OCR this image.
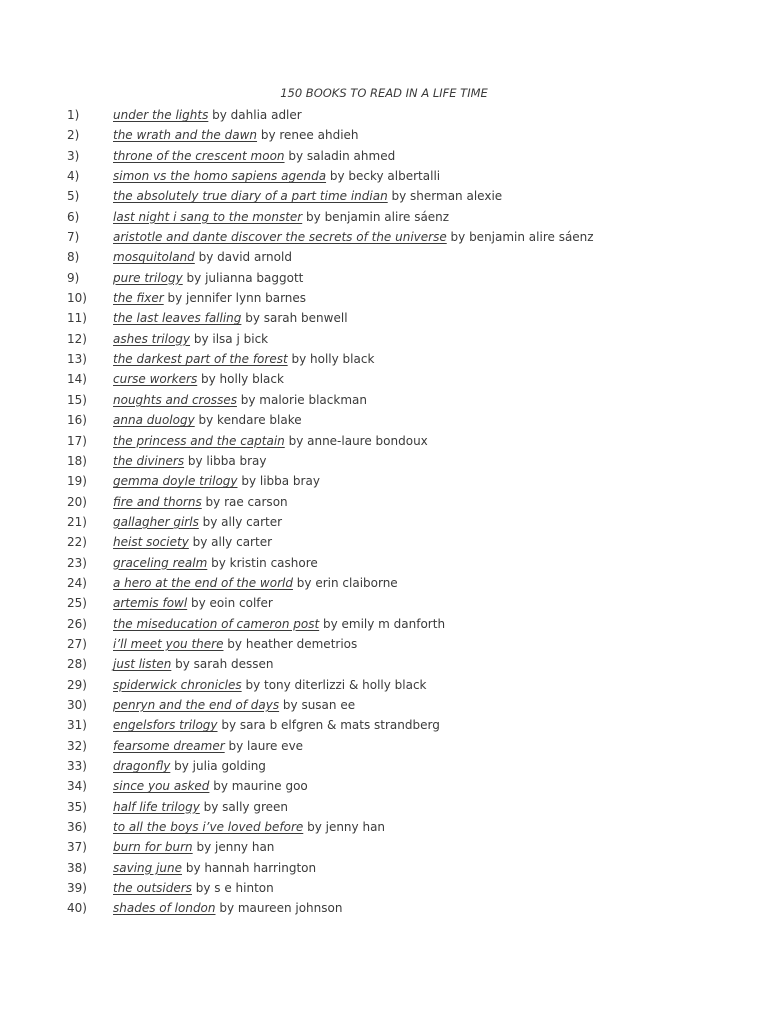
150 BOOKS TO READ IN A LIFE TIME
1)	under the lights by dahlia adler
2)	the wrath and the dawn by renee ahdieh
3)	throne of the crescent moon by saladin ahmed
4)	simon vs the homo sapiens agenda by becky albertalli
5)	the absolutely true diary of a part time indian by sherman alexie
6)	last night i sang to the monster by benjamin alire sáenz
7)	aristotle and dante discover the secrets of the universe by benjamin alire sáenz
8)	mosquitoland by david arnold
9)	pure trilogy by julianna baggott
10) the fixer by jennifer lynn barnes
11) the last leaves falling by sarah benwell
12) ashes trilogy by ilsa j bick
13) the darkest part of the forest by holly black
14) curse workers by holly black
15) noughts and crosses by malorie blackman
16) anna duology by kendare blake
17) the princess and the captain by anne-laure bondoux
18) the diviners by libba bray
19) gemma doyle trilogy by libba bray
20) fire and thorns by rae carson
21) gallagher girls by ally carter
22) heist society by ally carter
23) graceling realm by kristin cashore
24) a hero at the end of the world by erin claiborne
25) artemis fowl by eoin colfer
26) the miseducation of cameron post by emily m danforth
27) i’ll meet you there by heather demetrios
28) just listen by sarah dessen
29) spiderwick chronicles by tony diterlizzi & holly black
30) penryn and the end of days by susan ee
31) engelsfors trilogy by sara b elfgren & mats strandberg
32) fearsome dreamer by laure eve
33) dragonfly by julia golding
34) since you asked by maurine goo
35) half life trilogy by sally green
36) to all the boys i’ve loved before by jenny han
37) burn for burn by jenny han
38) saving june by hannah harrington
39) the outsiders by s e hinton
40) shades of london by maureen johnson
